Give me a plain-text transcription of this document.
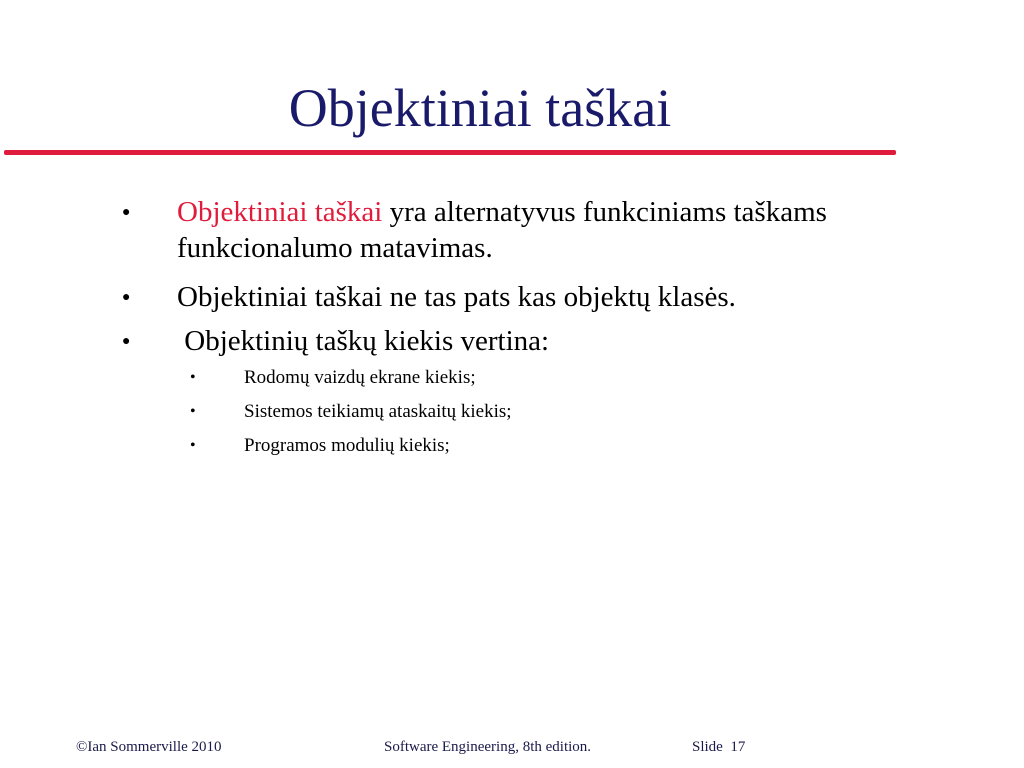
Objektiniai taškai
● Objektiniai taškai yra alternatyvus funkciniams taškams
funkcionalumo matavimas.
● Objektiniai taškai ne tas pats kas objektų klasės.
● Objektinių taškų kiekis vertina:
•	Rodomų vaizdų ekrane kiekis;
•	Sistemos teikiamų ataskaitų kiekis;
•	Programos modulių kiekis;
©Ian Sommerville 2010	Software Engineering, 8th edition.	Slide  17
